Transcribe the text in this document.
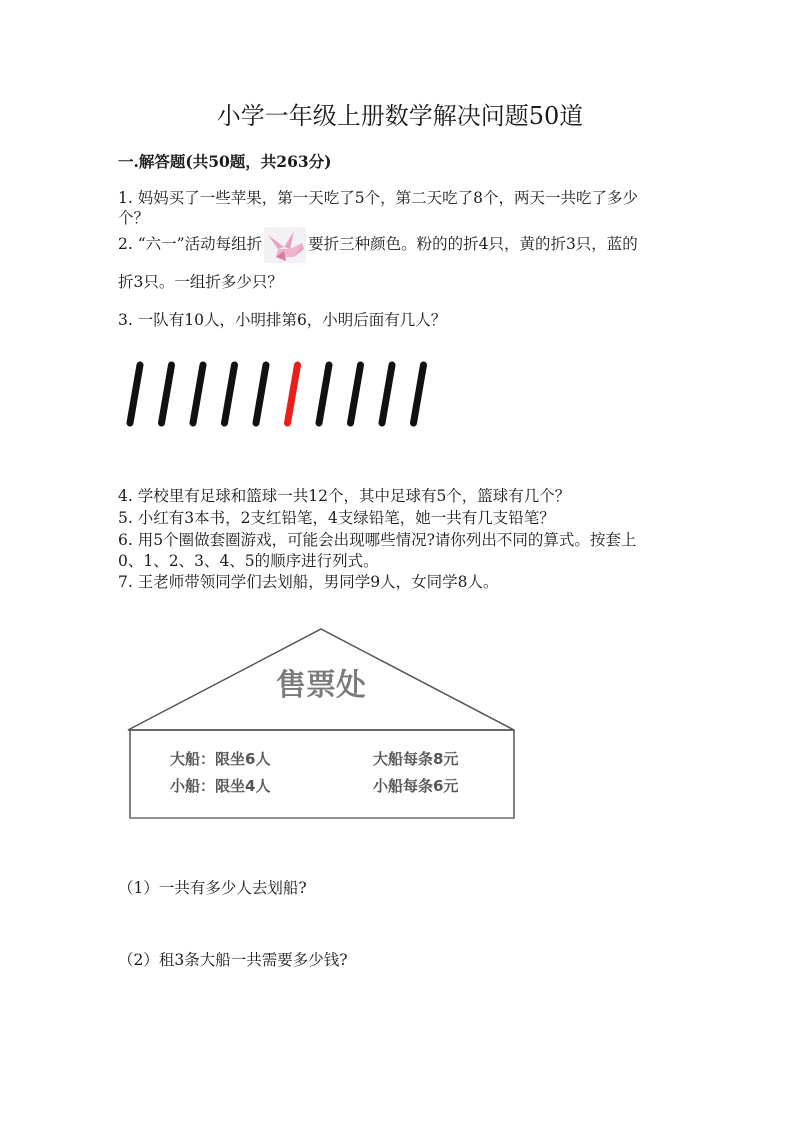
小学一年级上册数学解决问题50道
一.解答题(共50题，共263分)
1. 妈妈买了一些苹果，第一天吃了5个，第二天吃了8个，两天一共吃了多少
个？
2. “六一”活动每组折	要折三种颜色。粉的的折4只，黄的折3只，蓝的
折3只。一组折多少只？
3. 一队有10人，小明排第6，小明后面有几人？
4. 学校里有足球和篮球一共12个，其中足球有5个，篮球有几个？
5. 小红有3本书，2支红铅笔，4支绿铅笔，她一共有几支铅笔？
6. 用5个圈做套圈游戏，可能会出现哪些情况?请你列出不同的算式。按套上
0、1、2、3、4、5的顺序进行列式。
7. 王老师带领同学们去划船，男同学9人，女同学8人。
售票处
大船：限坐6人	大船每条8元
小船：限坐4人	小船每条6元
（1）一共有多少人去划船?
（2）租3条大船一共需要多少钱?
